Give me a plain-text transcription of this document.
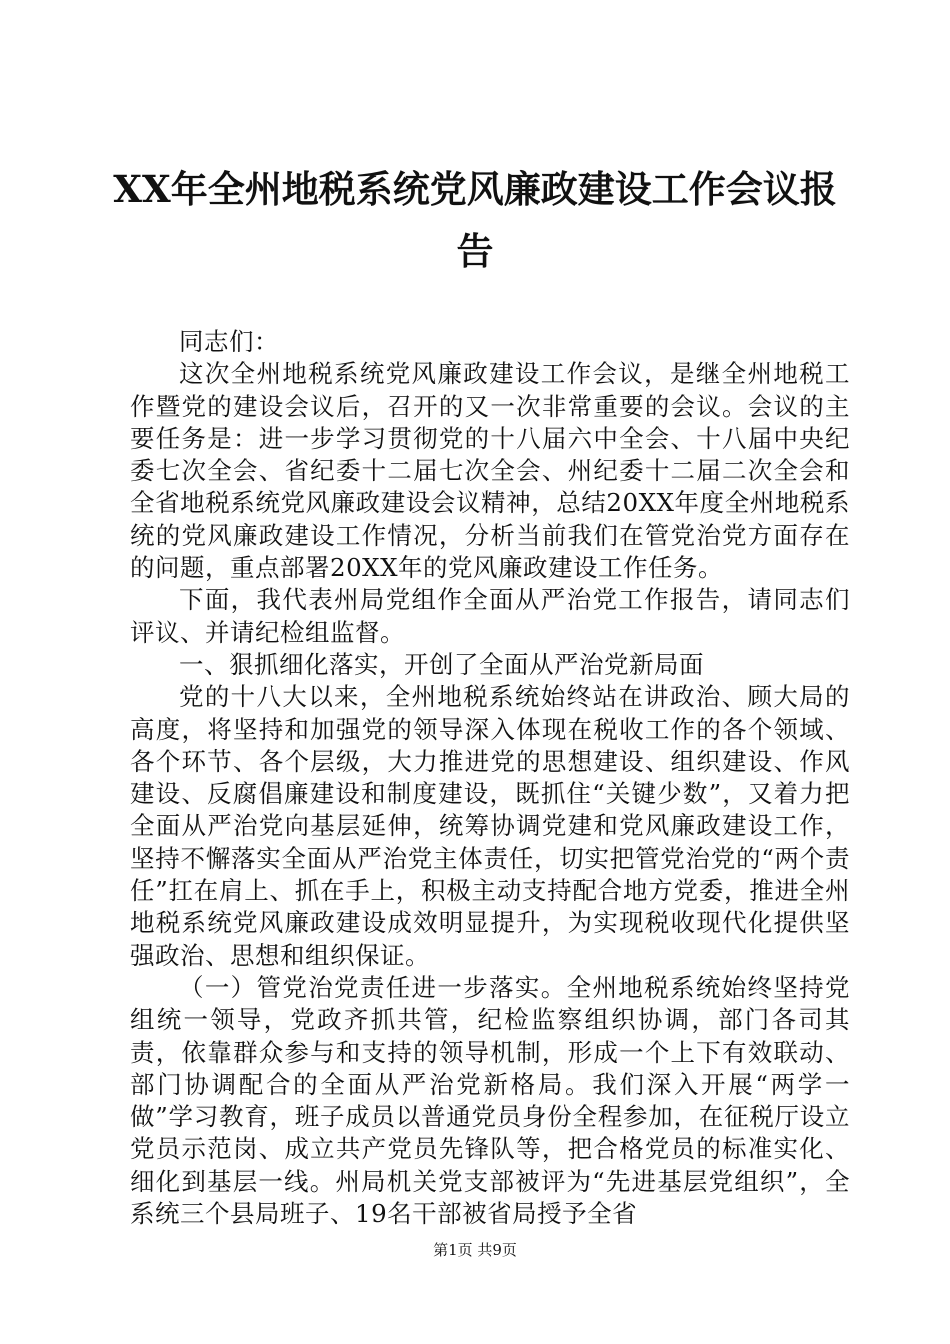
XX年全州地税系统党风廉政建设工作会议报告

同志们：

这次全州地税系统党风廉政建设工作会议，是继全州地税工作暨党的建设会议后，召开的又一次非常重要的会议。会议的主要任务是：进一步学习贯彻党的十八届六中全会、十八届中央纪委七次全会、省纪委十二届七次全会、州纪委十二届二次全会和全省地税系统党风廉政建设会议精神，总结20XX年度全州地税系统的党风廉政建设工作情况，分析当前我们在管党治党方面存在的问题，重点部署20XX年的党风廉政建设工作任务。

下面，我代表州局党组作全面从严治党工作报告，请同志们评议、并请纪检组监督。

一、狠抓细化落实，开创了全面从严治党新局面

党的十八大以来，全州地税系统始终站在讲政治、顾大局的高度，将坚持和加强党的领导深入体现在税收工作的各个领域、各个环节、各个层级，大力推进党的思想建设、组织建设、作风建设、反腐倡廉建设和制度建设，既抓住“关键少数”，又着力把全面从严治党向基层延伸，统筹协调党建和党风廉政建设工作，坚持不懈落实全面从严治党主体责任，切实把管党治党的“两个责任”扛在肩上、抓在手上，积极主动支持配合地方党委，推进全州地税系统党风廉政建设成效明显提升，为实现税收现代化提供坚强政治、思想和组织保证。

（一）管党治党责任进一步落实。全州地税系统始终坚持党组统一领导，党政齐抓共管，纪检监察组织协调，部门各司其责，依靠群众参与和支持的领导机制，形成一个上下有效联动、部门协调配合的全面从严治党新格局。我们深入开展“两学一做”学习教育，班子成员以普通党员身份全程参加，在征税厅设立党员示范岗、成立共产党员先锋队等，把合格党员的标准实化、细化到基层一线。州局机关党支部被评为“先进基层党组织”，全系统三个县局班子、19名干部被省局授予全省

第1页 共9页
